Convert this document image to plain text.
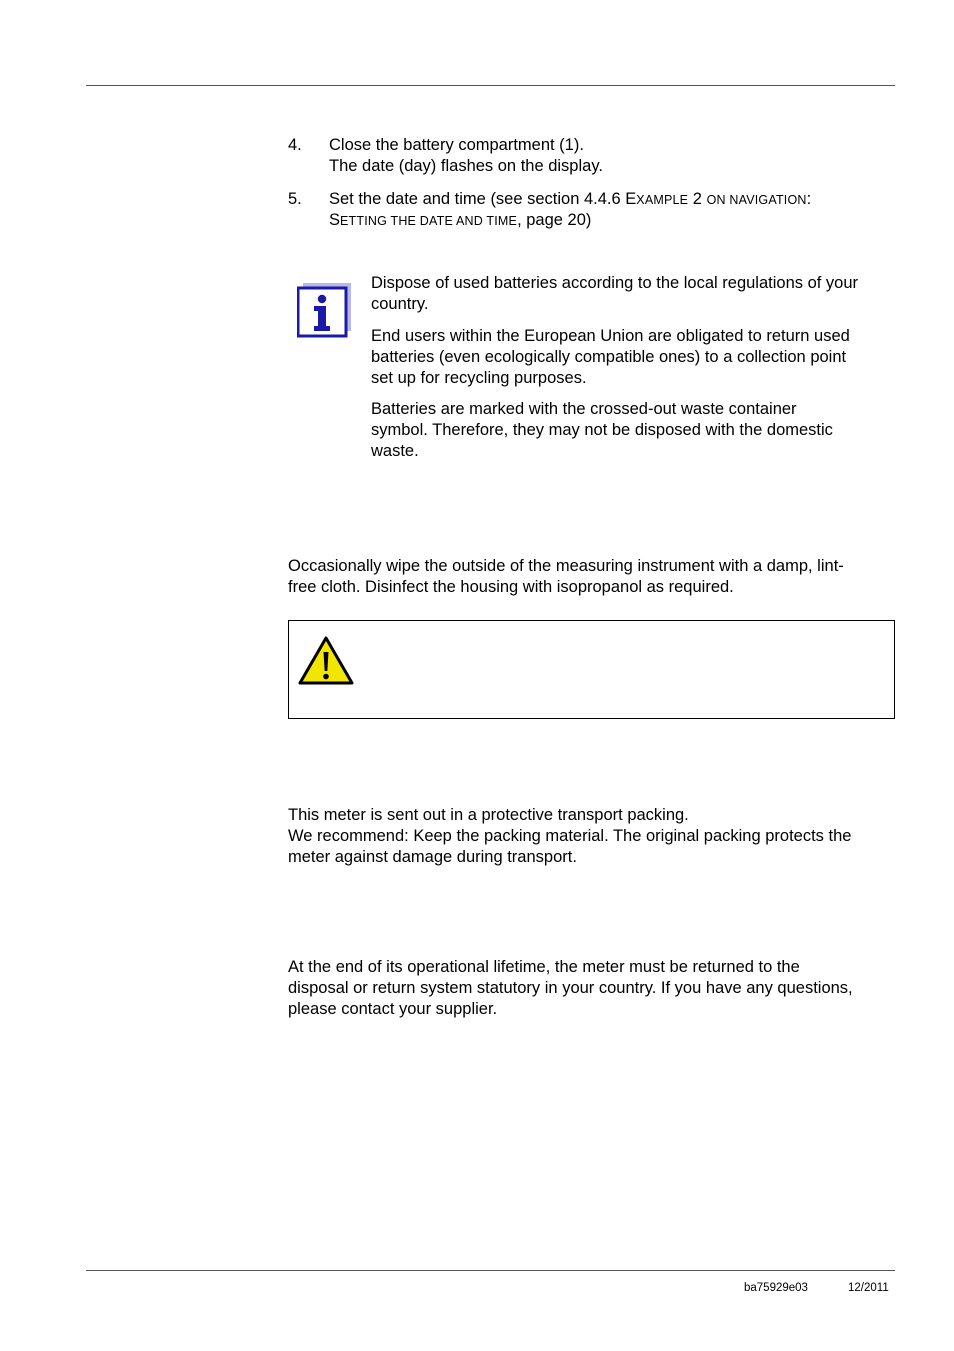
4. Close the battery compartment (1).
The date (day) flashes on the display.
5. Set the date and time (see section 4.4.6 EXAMPLE 2 ON NAVIGATION:
SETTING THE DATE AND TIME, page 20)
Dispose of used batteries according to the local regulations of your
country.
End users within the European Union are obligated to return used
batteries (even ecologically compatible ones) to a collection point
set up for recycling purposes.
Batteries are marked with the crossed-out waste container
symbol. Therefore, they may not be disposed with the domestic
waste.
Occasionally wipe the outside of the measuring instrument with a damp, lint-
free cloth. Disinfect the housing with isopropanol as required.
This meter is sent out in a protective transport packing.
We recommend: Keep the packing material. The original packing protects the
meter against damage during transport.
At the end of its operational lifetime, the meter must be returned to the
disposal or return system statutory in your country. If you have any questions,
please contact your supplier.
ba75929e03	12/2011
